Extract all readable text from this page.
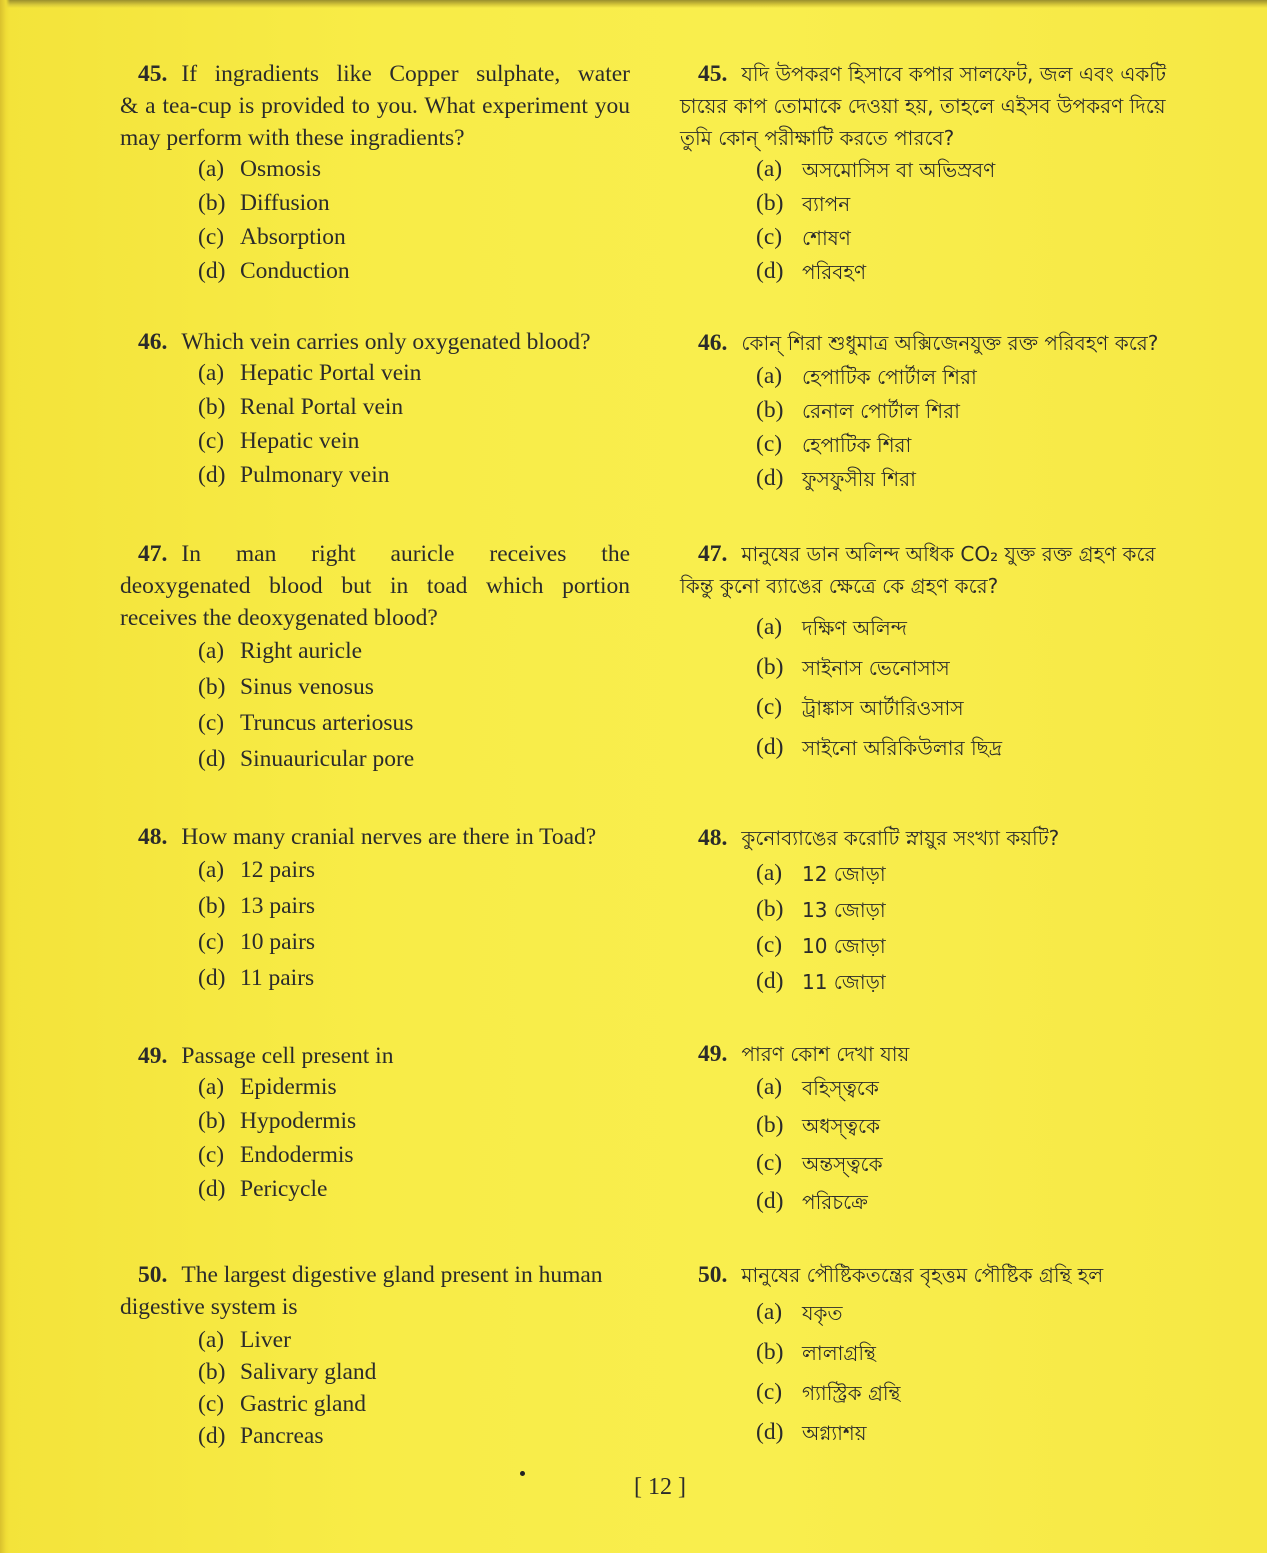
45. If ingradients like Copper sulphate, water

& a tea-cup is provided to you. What experiment you may perform with these ingradients?

(a) Osmosis
(b) Diffusion
(c) Absorption
(d) Conduction

46. Which vein carries only oxygenated blood?

(a) Hepatic Portal vein
(b) Renal Portal vein
(c) Hepatic vein
(d) Pulmonary vein

47. In man right auricle receives the

deoxygenated blood but in toad which portion receives the deoxygenated blood?

(a) Right auricle
(b) Sinus venosus
(c) Truncus arteriosus
(d) Sinuauricular pore

48. How many cranial nerves are there in Toad?

(a) 12 pairs
(b) 13 pairs
(c) 10 pairs
(d) 11 pairs

49. Passage cell present in

(a) Epidermis
(b) Hypodermis
(c) Endodermis
(d) Pericycle

50. The largest digestive gland present in human

digestive system is

(a) Liver
(b) Salivary gland
(c) Gastric gland
(d) Pancreas

45. যদি উপকরণ হিসাবে কপার সালফেট, জল এবং একটি

চায়ের কাপ তোমাকে দেওয়া হয়, তাহলে এইসব উপকরণ দিয়ে তুমি কোন্ পরীক্ষাটি করতে পারবে?

(a) অসমোসিস বা অভিস্রবণ
(b) ব্যাপন
(c) শোষণ
(d) পরিবহণ

46. কোন্ শিরা শুধুমাত্র অক্সিজেনযুক্ত রক্ত পরিবহণ করে?

(a) হেপাটিক পোর্টাল শিরা
(b) রেনাল পোর্টাল শিরা
(c) হেপাটিক শিরা
(d) ফুসফুসীয় শিরা

47. মানুষের ডান অলিন্দ অধিক CO₂ যুক্ত রক্ত গ্রহণ করে

কিন্তু কুনো ব্যাঙের ক্ষেত্রে কে গ্রহণ করে?

(a) দক্ষিণ অলিন্দ
(b) সাইনাস ভেনোসাস
(c) ট্রাঙ্কাস আর্টারিওসাস
(d) সাইনো অরিকিউলার ছিদ্র

48. কুনোব্যাঙের করোটি স্নায়ুর সংখ্যা কয়টি?

(a) 12 জোড়া
(b) 13 জোড়া
(c) 10 জোড়া
(d) 11 জোড়া

49. পারণ কোশ দেখা যায়

(a) বহিস্ত্বকে
(b) অধস্ত্বকে
(c) অন্তস্ত্বকে
(d) পরিচক্রে

50. মানুষের পৌষ্টিকতন্ত্রের বৃহত্তম পৌষ্টিক গ্রন্থি হল

(a) যকৃত
(b) লালাগ্রন্থি
(c) গ্যাস্ট্রিক গ্রন্থি
(d) অগ্ন্যাশয়
[ 12 ]
